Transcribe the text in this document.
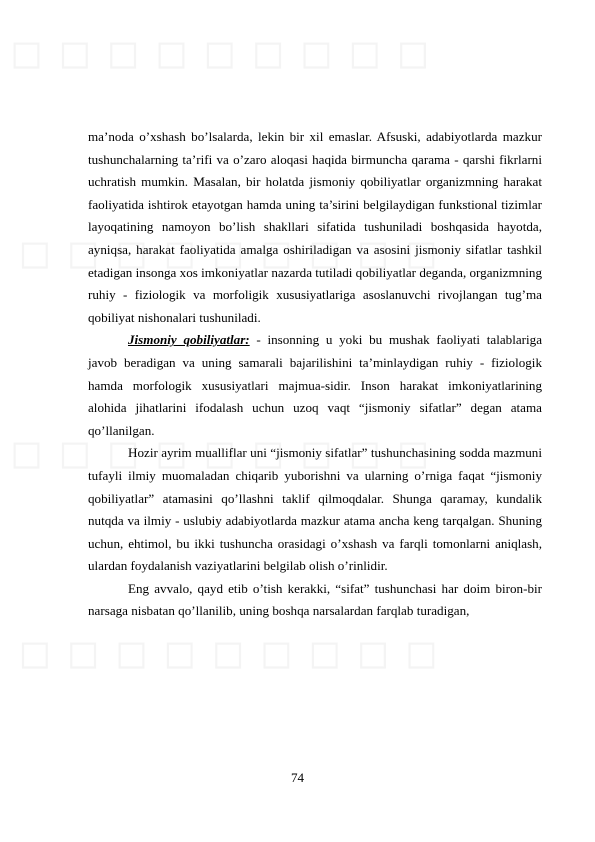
ma’noda o’xshash bo’lsalarda, lekin bir xil emaslar. Afsuski, adabiyotlarda mazkur tushunchalarning ta’rifi va o’zaro aloqasi haqida birmuncha qarama - qarshi fikrlarni uchratish mumkin. Masalan, bir holatda jismoniy qobiliyatlar organizmning harakat faoliyatida ishtirok etayotgan hamda uning ta’sirini belgilaydigan funkstional tizimlar layoqatining namoyon bo’lish shakllari sifatida tushuniladi boshqasida hayotda, ayniqsa, harakat faoliyatida amalga oshiriladigan va asosini jismoniy sifatlar tashkil etadigan insonga xos imkoniyatlar nazarda tutiladi qobiliyatlar deganda, organizmning ruhiy - fiziologik va morfoligik xususiyatlariga asoslanuvchi rivojlangan tug’ma qobiliyat nishonalari tushuniladi.

Jismoniy qobiliyatlar: - insonning u yoki bu mushak faoliyati talablariga javob beradigan va uning samarali bajarilishini ta’minlaydigan ruhiy - fiziologik hamda morfologik xususiyatlari majmua-sidir. Inson harakat imkoniyatlarining alohida jihatlarini ifodalash uchun uzoq vaqt “jismoniy sifatlar” degan atama qo’llanilgan.

Hozir ayrim mualliflar uni “jismoniy sifatlar” tushunchasining sodda mazmuni tufayli ilmiy muomaladan chiqarib yuborishni va ularning o’rniga faqat “jismoniy qobiliyatlar” atamasini qo’llashni taklif qilmoqdalar. Shunga qaramay, kundalik nutqda va ilmiy - uslubiy adabiyotlarda mazkur atama ancha keng tarqalgan. Shuning uchun, ehtimol, bu ikki tushuncha orasidagi o’xshash va farqli tomonlarni aniqlash, ulardan foydalanish vaziyatlarini belgilab olish o’rinlidir.

Eng avvalo, qayd etib o’tish kerakki, “sifat” tushunchasi har doim biron-bir narsaga nisbatan qo’llanilib, uning boshqa narsalardan farqlab turadigan,

74
